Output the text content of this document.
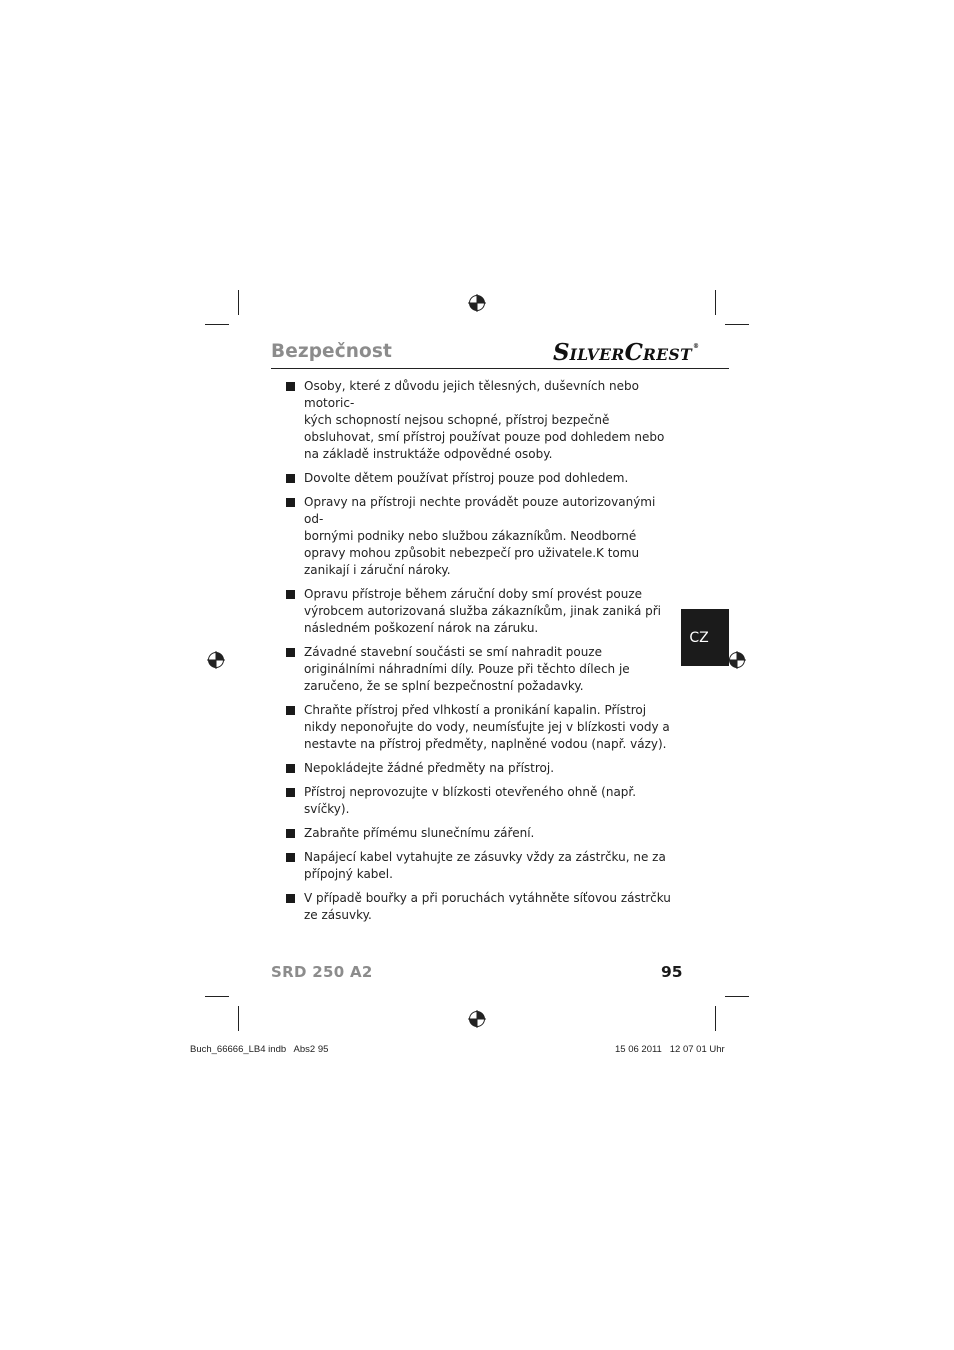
Bezpečnost	SILVERCREST®
Osoby, které z důvodu jejich tělesných, duševních nebo motoric-
kých schopností nejsou schopné, přístroj bezpečně obsluhovat, smí přístroj používat pouze pod dohledem nebo na základě instruktáže odpovědné osoby.
Dovolte dětem používat přístroj pouze pod dohledem.
Opravy na přístroji nechte provádět pouze autorizovanými od-
bornými podniky nebo službou zákazníkům. Neodborné opravy mohou způsobit nebezpečí pro uživatele.K tomu zanikají i záruční nároky.
Opravu přístroje během záruční doby smí provést pouze výrobcem autorizovaná služba zákazníkům, jinak zaniká při následném poškození nárok na záruku.
Závadné stavební součásti se smí nahradit pouze originálními náhradními díly. Pouze při těchto dílech je zaručeno, že se splní bezpečnostní požadavky.
Chraňte přístroj před vlhkostí a pronikání kapalin. Přístroj nikdy neponořujte do vody, neumísťujte jej v blízkosti vody a nestavte na přístroj předměty, naplněné vodou (např. vázy).
Nepokládejte žádné předměty na přístroj.
Přístroj neprovozujte v blízkosti otevřeného ohně (např. svíčky).
Zabraňte přímému slunečnímu záření.
Napájecí kabel vytahujte ze zásuvky vždy za zástrčku, ne za přípojný kabel.
V případě bouřky a při poruchách vytáhněte síťovou zástrčku ze zásuvky.
CZ
SRD 250 A2	95
Buch_66666_LB4 indb   Abs2 95	15 06 2011   12 07 01 Uhr
